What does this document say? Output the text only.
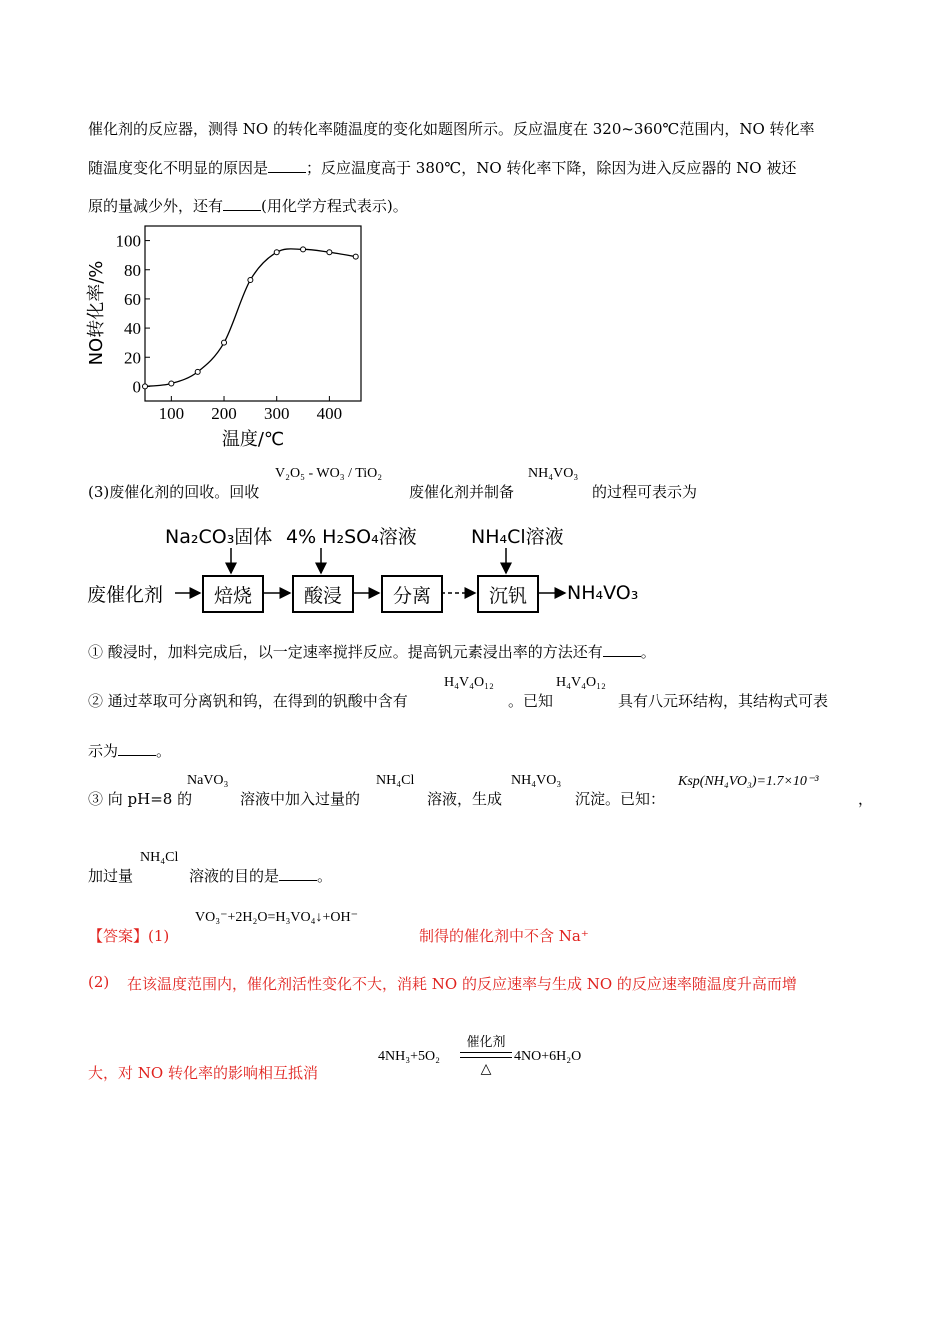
催化剂的反应器，测得 NO 的转化率随温度的变化如题图所示。反应温度在 320~360℃范围内，NO 转化率
随温度变化不明显的原因是	；反应温度高于 380℃，NO 转化率下降，除因为进入反应器的 NO 被还
原的量减少外，还有	(用化学方程式表示)。
100 200 300 400
0
20
40
60
80
100
温度/℃
NO转化率/%
(3)废催化剂的回收。回收
V₂O₅ - WO₃ / TiO₂
废催化剂并制备
NH₄VO₃
的过程可表示为
Na₂CO₃固体 4% H₂SO₄溶液	NH₄Cl溶液
废催化剂	焙烧	酸浸	分离	沉钒	NH₄VO₃
① 酸浸时，加料完成后，以一定速率搅拌反应。提高钒元素浸出率的方法还有	。
② 通过萃取可分离钒和钨，在得到的钒酸中含有
H₄V₄O₁₂
。已知
H₄V₄O₁₂
具有八元环结构，其结构式可表
示为	。
③ 向 pH=8 的
NaVO₃
溶液中加入过量的
NH₄Cl
溶液，生成
NH₄VO₃
沉淀。已知：
Ksp(NH₄VO₃)=1.7×10⁻³
，
加过量
NH₄Cl
溶液的目的是	。
【答案】(1)
VO₃⁻+2H₂O=H₃VO₄↓+OH⁻
制得的催化剂中不含 Na⁺
(2) 在该温度范围内，催化剂活性变化不大，消耗 NO 的反应速率与生成 NO 的反应速率随温度升高而增
大，对 NO 转化率的影响相互抵消
4NH₃+5O₂
催化剂
△
4NO+6H₂O
